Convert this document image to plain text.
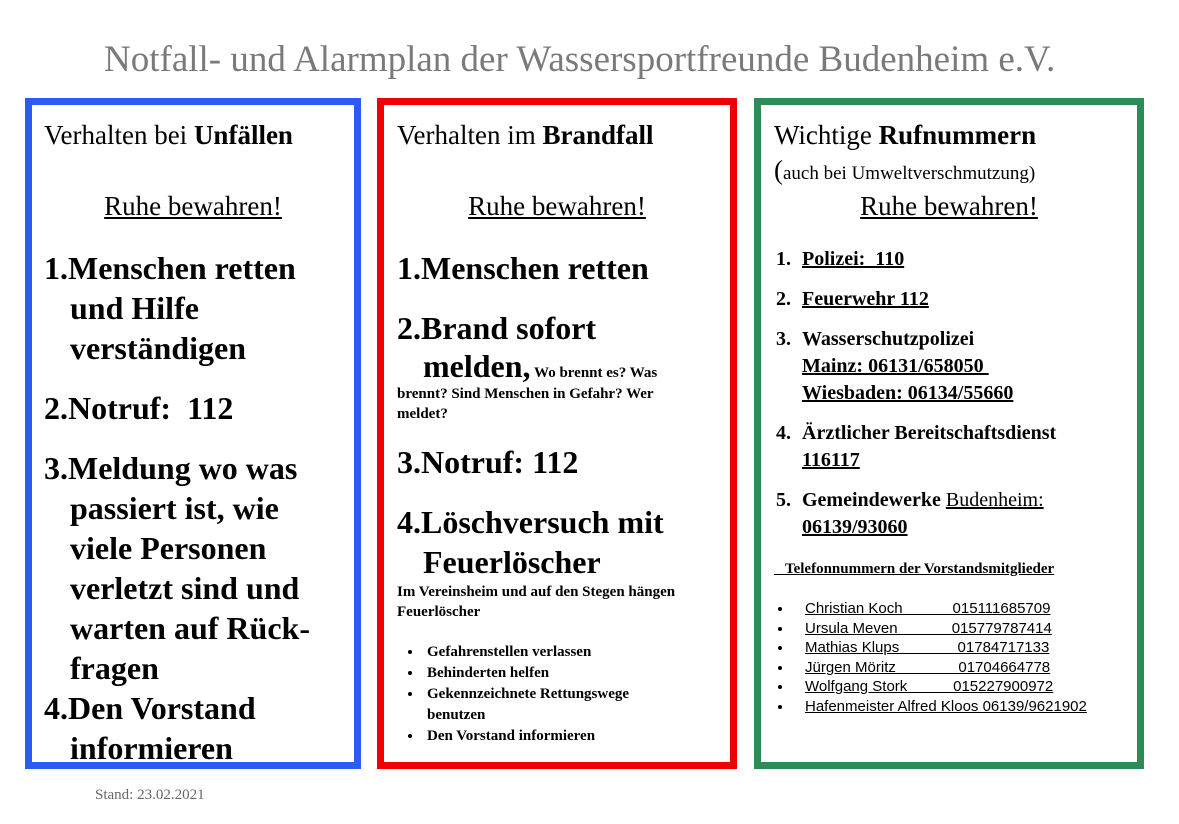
Notfall- und Alarmplan der Wassersportfreunde Budenheim e.V.
Verhalten bei Unfällen
Ruhe bewahren!
1.Menschen retten
und Hilfe
verständigen
2.Notruf:  112
3.Meldung wo was
passiert ist, wie
viele Personen
verletzt sind und
warten auf Rück-
fragen
4.Den Vorstand
informieren
Verhalten im Brandfall
Ruhe bewahren!
1.Menschen retten
2.Brand sofort
melden, Wo brennt es? Was
brennt? Sind Menschen in Gefahr? Wer meldet?
3.Notruf: 112
4.Löschversuch mit
Feuerlöscher
Im Vereinsheim und auf den Stegen hängen Feuerlöscher
• Gefahrenstellen verlassen
• Behinderten helfen
• Gekennzeichnete Rettungswege benutzen
• Den Vorstand informieren
Wichtige Rufnummern
(auch bei Umweltverschmutzung)
Ruhe bewahren!
1. Polizei:  110
2. Feuerwehr 112
3. Wasserschutzpolizei
Mainz: 06131/658050
Wiesbaden: 06134/55660
4. Ärztlicher Bereitschaftsdienst
116117
5. Gemeindewerke Budenheim:
06139/93060
Telefonnummern der Vorstandsmitglieder
• Christian Koch            015111685709
• Ursula Meven             015779787414
• Mathias Klups              01784717133
• Jürgen Möritz               01704664778
• Wolfgang Stork           015227900972
• Hafenmeister Alfred Kloos 06139/9621902
Stand: 23.02.2021
